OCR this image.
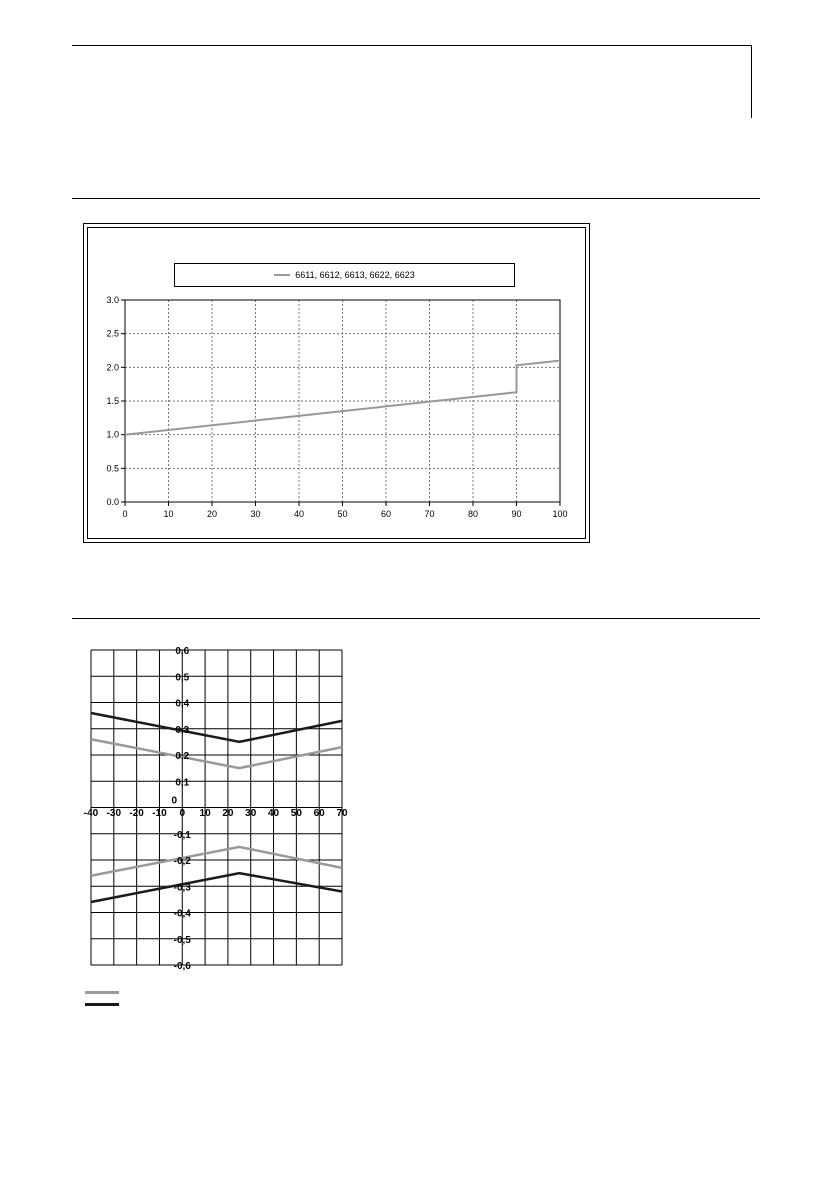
6611, 6612, 6613, 6622, 6623
0	10	20	30	40	50	60	70	80	90	100
0.0
0.5
1.0
1.5
2.0
2.5
3.0
-40 -30 -20 -10 0 10 20 30 40 50 60 70
-0,6
-0,5
-0,4
-0,3
-0,2
-0,1
0
0,1
0,2
0,3
0,4
0,5
0,6
